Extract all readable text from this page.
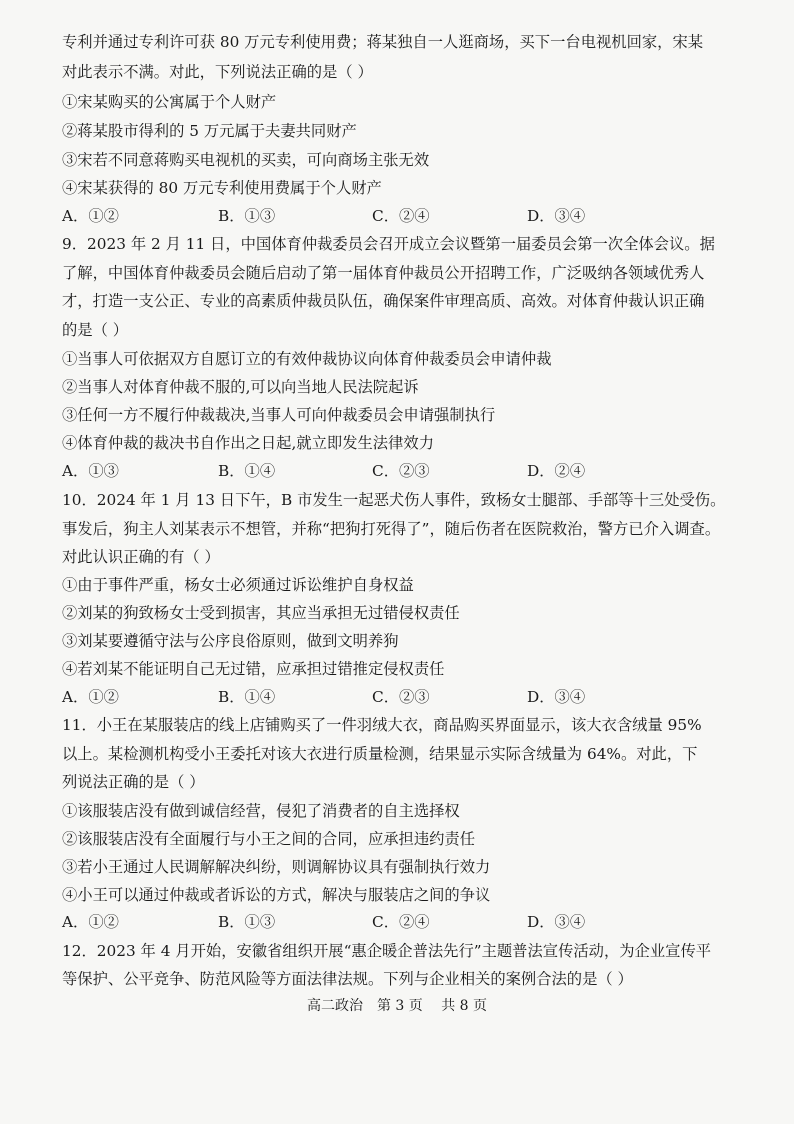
专利并通过专利许可获 80 万元专利使用费；蒋某独自一人逛商场，买下一台电视机回家，宋某
对此表示不满。对此，下列说法正确的是（ ）
①宋某购买的公寓属于个人财产
②蒋某股市得利的 5 万元属于夫妻共同财产
③宋若不同意蒋购买电视机的买卖，可向商场主张无效
④宋某获得的 80 万元专利使用费属于个人财产
A．①②	B．①③	C．②④	D．③④
9．2023 年 2 月 11 日，中国体育仲裁委员会召开成立会议暨第一届委员会第一次全体会议。据
了解，中国体育仲裁委员会随后启动了第一届体育仲裁员公开招聘工作，广泛吸纳各领域优秀人
才，打造一支公正、专业的高素质仲裁员队伍，确保案件审理高质、高效。对体育仲裁认识正确
的是（ ）
①当事人可依据双方自愿订立的有效仲裁协议向体育仲裁委员会申请仲裁
②当事人对体育仲裁不服的,可以向当地人民法院起诉
③任何一方不履行仲裁裁决,当事人可向仲裁委员会申请强制执行
④体育仲裁的裁决书自作出之日起,就立即发生法律效力
A．①③	B．①④	C．②③	D．②④
10．2024 年 1 月 13 日下午，B 市发生一起恶犬伤人事件，致杨女士腿部、手部等十三处受伤。
事发后，狗主人刘某表示不想管，并称“把狗打死得了”，随后伤者在医院救治，警方已介入调查。
对此认识正确的有（ ）
①由于事件严重，杨女士必须通过诉讼维护自身权益
②刘某的狗致杨女士受到损害，其应当承担无过错侵权责任
③刘某要遵循守法与公序良俗原则，做到文明养狗
④若刘某不能证明自己无过错，应承担过错推定侵权责任
A．①②	B．①④	C．②③	D．③④
11．小王在某服装店的线上店铺购买了一件羽绒大衣，商品购买界面显示，该大衣含绒量 95%
以上。某检测机构受小王委托对该大衣进行质量检测，结果显示实际含绒量为 64%。对此，下
列说法正确的是（ ）
①该服装店没有做到诚信经营，侵犯了消费者的自主选择权
②该服装店没有全面履行与小王之间的合同，应承担违约责任
③若小王通过人民调解解决纠纷，则调解协议具有强制执行效力
④小王可以通过仲裁或者诉讼的方式，解决与服装店之间的争议
A．①②	B．①③	C．②④	D．③④
12．2023 年 4 月开始，安徽省组织开展“惠企暖企普法先行”主题普法宣传活动，为企业宣传平
等保护、公平竞争、防范风险等方面法律法规。下列与企业相关的案例合法的是（ ）
高二政治　第 3 页　 共 8 页
